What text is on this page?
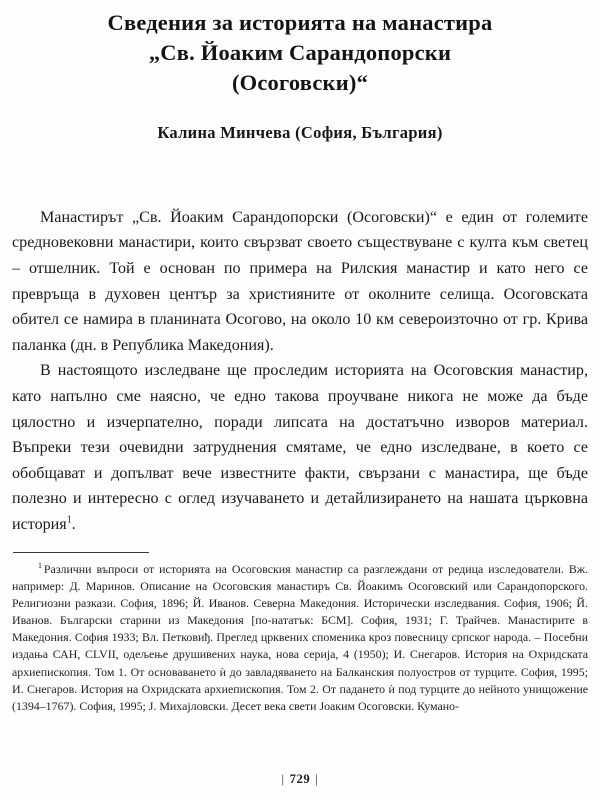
Сведения за историята на манастира
„Св. Йоаким Сарандопорски
(Осоговски)“
Калина Минчева (София, България)

Манастирът „Св. Йоаким Сарандопорски (Осоговски)“ е един от големите средновековни манастири, които свързват своето съществуване с култа към светец – отшелник. Той е основан по примера на Рилския манастир и като него се превръща в духовен център за християните от околните селища. Осоговската обител се намира в планината Осогово, на около 10 км североизточно от гр. Крива паланка (дн. в Република Македония).

В настоящото изследване ще проследим историята на Осоговския манастир, като напълно сме наясно, че едно такова проучване никога не може да бъде цялостно и изчерпателно, поради липсата на достатъчно изворов материал. Въпреки тези очевидни затруднения смятаме, че едно изследване, в което се обобщават и допълват вече известните факти, свързани с манастира, ще бъде полезно и интересно с оглед изучаването и детайлизирането на нашата църковна история$^1$.

$^1$ Различни въпроси от историята на Осоговския манастир са разглеждани от редица изследователи. Вж. например: Д. Маринов. Описание на Осоговския манастиръ Св. Йоакимъ Осоговский или Сарандопорского. Религиозни разкази. София, 1896; Й. Иванов. Северна Македония. Исторически изследвания. София, 1906; Й. Иванов. Български старини из Македония [по-нататък: БСМ]. София, 1931; Г. Трайчев. Манастирите в Македония. София 1933; Вл. Петковиђ. Преглед црквених споменика кроз повесницу српског народа. – Посебни издања САН, CLVII, одељење друшивених наука, нова серија, 4 (1950); И. Снегаров. История на Охридската архиепископия. Том 1. От основаването ѝ до завладяването на Балканския полуостров от турците. София, 1995; И. Снегаров. История на Охридската архиепископия. Том 2. От падането ѝ под турците до нейното унищожение (1394–1767). София, 1995; Ј. Михајловски. Десет века свети Јоаким Осоговски. Кумано-

| 729 |
